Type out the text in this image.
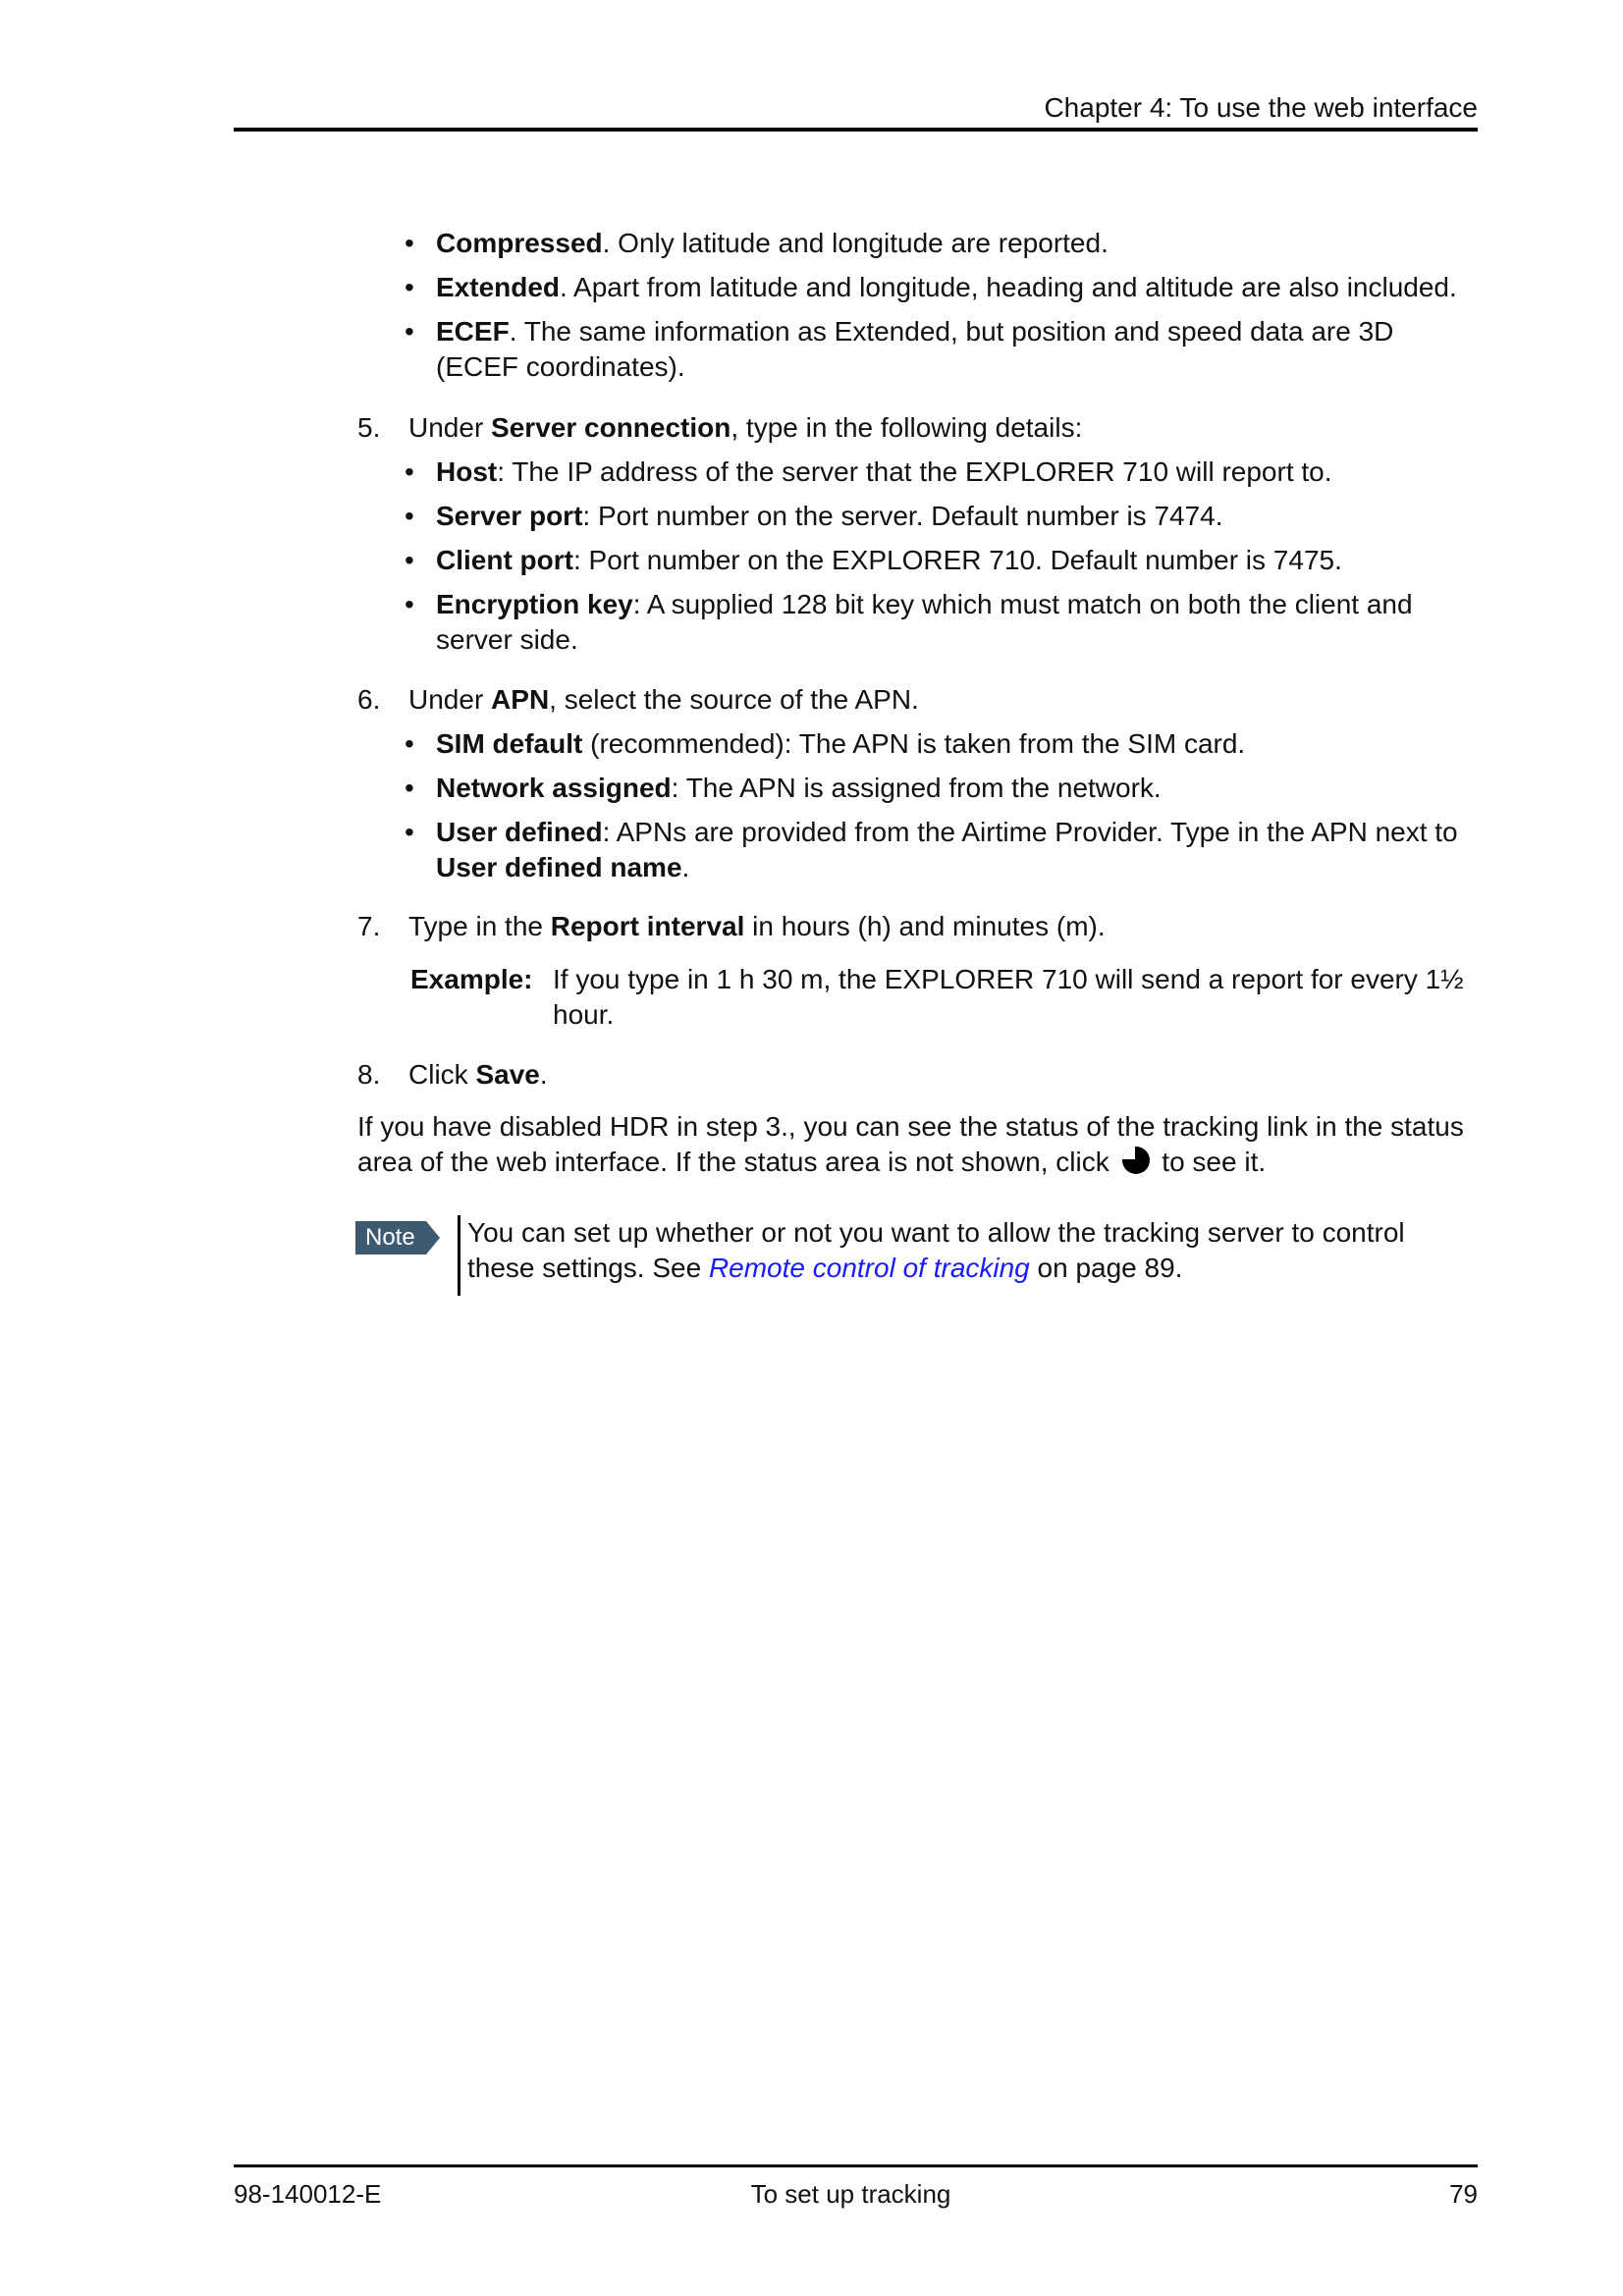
Chapter 4: To use the web interface
• Compressed. Only latitude and longitude are reported.
• Extended. Apart from latitude and longitude, heading and altitude are also included.
• ECEF. The same information as Extended, but position and speed data are 3D (ECEF coordinates).
5. Under Server connection, type in the following details:
• Host: The IP address of the server that the EXPLORER 710 will report to.
• Server port: Port number on the server. Default number is 7474.
• Client port: Port number on the EXPLORER 710. Default number is 7475.
• Encryption key: A supplied 128 bit key which must match on both the client and server side.
6. Under APN, select the source of the APN.
• SIM default (recommended): The APN is taken from the SIM card.
• Network assigned: The APN is assigned from the network.
• User defined: APNs are provided from the Airtime Provider. Type in the APN next to User defined name.
7. Type in the Report interval in hours (h) and minutes (m).
Example: If you type in 1 h 30 m, the EXPLORER 710 will send a report for every 1½ hour.
8. Click Save.
If you have disabled HDR in step 3., you can see the status of the tracking link in the status area of the web interface. If the status area is not shown, click to see it.
Note You can set up whether or not you want to allow the tracking server to control these settings. See Remote control of tracking on page 89.
98-140012-E	To set up tracking	79
